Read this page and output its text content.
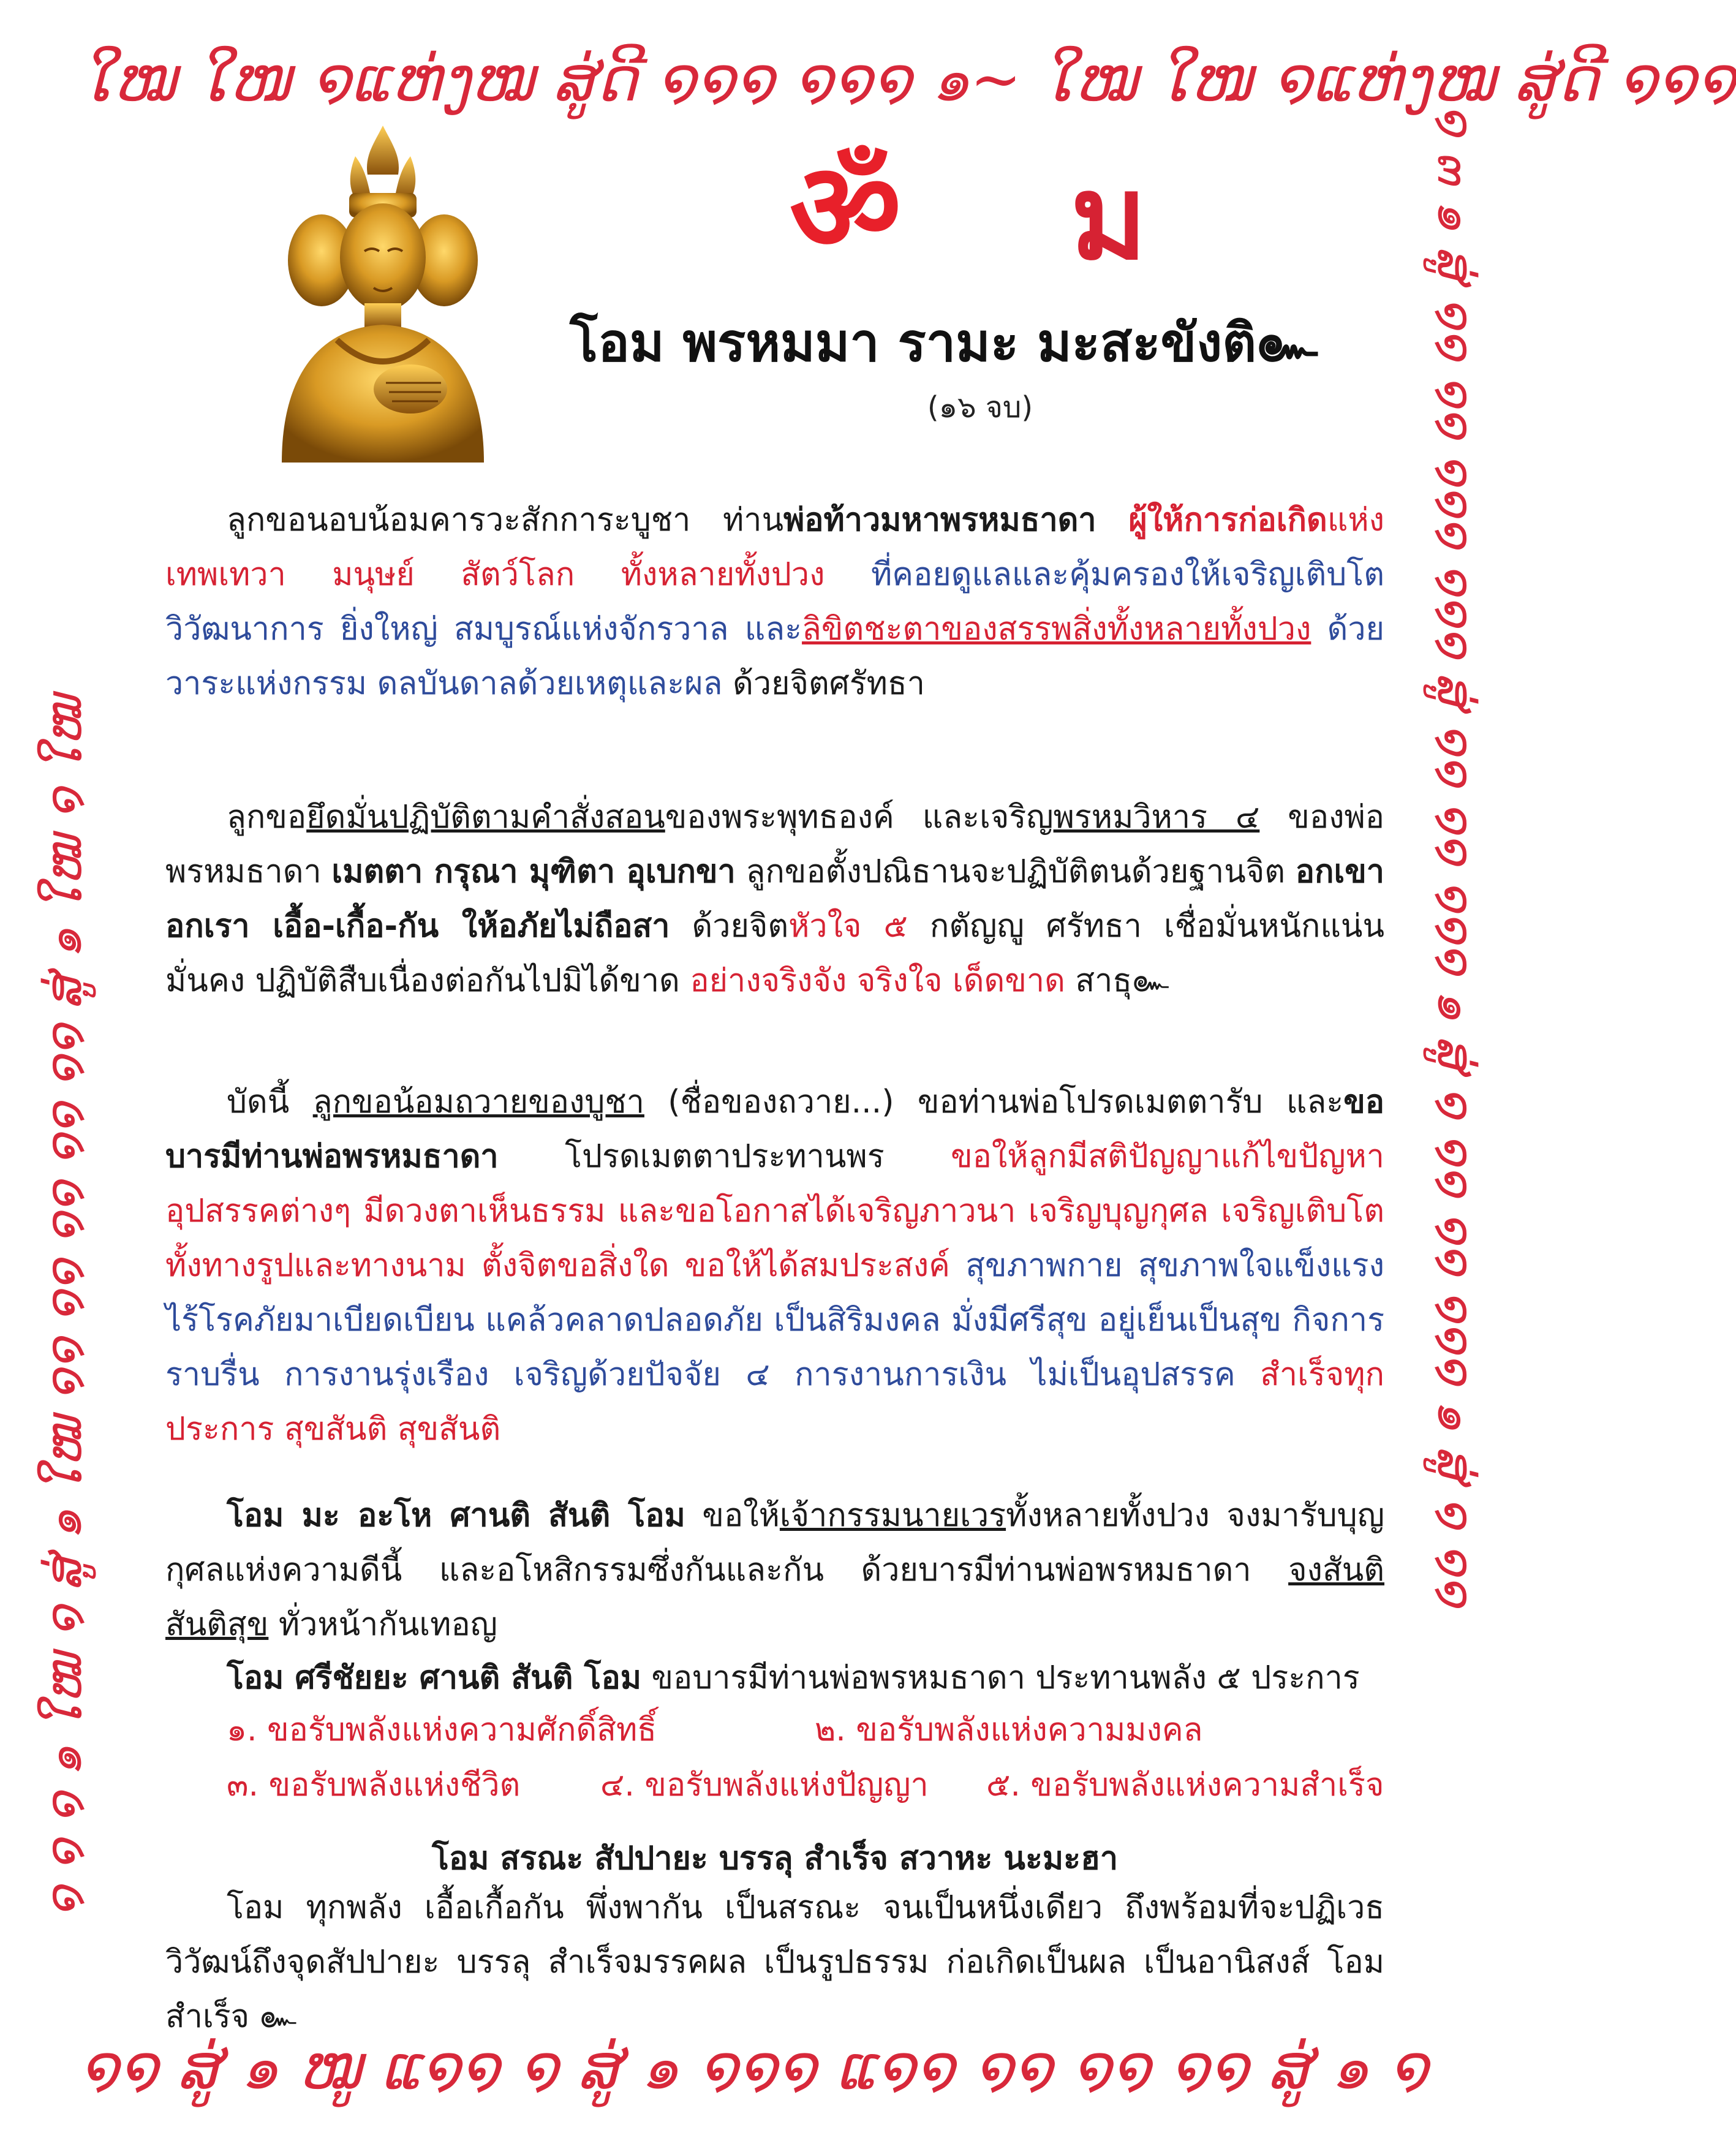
ໃໝ ໃໜ ໑ແຫ່ງໝ ສູ່ດີ ໑໑໑ ໑໑໑ ๑~ ໃໝ ໃໜ ໑ແຫ່ງໝ ສູ່ດີ ໑໑໑
໑ ๓ ๑ ສູ່ ໑໑ ໑໑ ໑໑໑ ໑໑໑ ສູ່ ໑໑ ໑໑ ໑໑໑ ๑ ສູ່ ໑ ໑໑ ໑໑ ໑໑໑ ๑ ສູ່ ໑ ໑໑
໑໑ ສູ່ ๑ ໝູ ແ໑໑ ໑ ສູ່ ๑ ໑໑໑ ແ໑໑ ໑໑ ໑໑ ໑໑ ສູ່ ๑ ໑
໑ ໑ ໑ ๑ ໃໝ ໑ ສູ່ ๑ ໃໝ ໑໑ ໑໑ ໑໑ ໑໑ ໑໑ ສູ່ ๑ ໃໝ ໑ ໃໝ
ॐ ม
โอม พรหมมา รามะ มะสะขังติ๛
(๑๖ จบ)
ลูกขอนอบน้อมคารวะสักการะบูชา ท่านพ่อท้าวมหาพรหมธาดา ผู้ให้การก่อเกิดแห่งเทพเทวา มนุษย์ สัตว์โลก ทั้งหลายทั้งปวง ที่คอยดูแลและคุ้มครองให้เจริญเติบโต วิวัฒนาการ ยิ่งใหญ่ สมบูรณ์แห่งจักรวาล และลิขิตชะตาของสรรพสิ่งทั้งหลายทั้งปวง ด้วยวาระแห่งกรรม ดลบันดาลด้วยเหตุและผล ด้วยจิตศรัทธา
ลูกขอยึดมั่นปฏิบัติตามคำสั่งสอนของพระพุทธองค์ และเจริญพรหมวิหาร ๔ ของพ่อพรหมธาดา เมตตา กรุณา มุฑิตา อุเบกขา ลูกขอตั้งปณิธานจะปฏิบัติตนด้วยฐานจิต อกเขาอกเรา เอื้อ-เกื้อ-กัน ให้อภัยไม่ถือสา ด้วยจิตหัวใจ ๕ กตัญญู ศรัทธา เชื่อมั่นหนักแน่น มั่นคง ปฏิบัติสืบเนื่องต่อกันไปมิได้ขาด อย่างจริงจัง จริงใจ เด็ดขาด สาธุ๛
บัดนี้ ลูกขอน้อมถวายของบูชา (ชื่อของถวาย...) ขอท่านพ่อโปรดเมตตารับ และขอบารมีท่านพ่อพรหมธาดา โปรดเมตตาประทานพร ขอให้ลูกมีสติปัญญาแก้ไขปัญหา อุปสรรคต่างๆ มีดวงตาเห็นธรรม และขอโอกาสได้เจริญภาวนา เจริญบุญกุศล เจริญเติบโตทั้งทางรูปและทางนาม ตั้งจิตขอสิ่งใด ขอให้ได้สมประสงค์ สุขภาพกาย สุขภาพใจแข็งแรง ไร้โรคภัยมาเบียดเบียน แคล้วคลาดปลอดภัย เป็นสิริมงคล มั่งมีศรีสุข อยู่เย็นเป็นสุข กิจการราบรื่น การงานรุ่งเรือง เจริญด้วยปัจจัย ๔ การงานการเงิน ไม่เป็นอุปสรรค สำเร็จทุกประการ สุขสันติ สุขสันติ
โอม มะ อะโห ศานติ สันติ โอม ขอให้เจ้ากรรมนายเวรทั้งหลายทั้งปวง จงมารับบุญกุศลแห่งความดีนี้ และอโหสิกรรมซึ่งกันและกัน ด้วยบารมีท่านพ่อพรหมธาดา จงสันติ สันติสุข ทั่วหน้ากันเทอญ
โอม ศรีชัยยะ ศานติ สันติ โอม ขอบารมีท่านพ่อพรหมธาดา ประทานพลัง ๕ ประการ
๑. ขอรับพลังแห่งความศักดิ์สิทธิ์	๒. ขอรับพลังแห่งความมงคล
๓. ขอรับพลังแห่งชีวิต	๔. ขอรับพลังแห่งปัญญา ๕. ขอรับพลังแห่งความสำเร็จ
โอม สรณะ สัปปายะ บรรลุ สำเร็จ สวาหะ นะมะฮา
โอม ทุกพลัง เอื้อเกื้อกัน พึ่งพากัน เป็นสรณะ จนเป็นหนึ่งเดียว ถึงพร้อมที่จะปฏิเวธวิวัฒน์ถึงจุดสัปปายะ บรรลุ สำเร็จมรรคผล เป็นรูปธรรม ก่อเกิดเป็นผล เป็นอานิสงส์ โอม สำเร็จ ๛
